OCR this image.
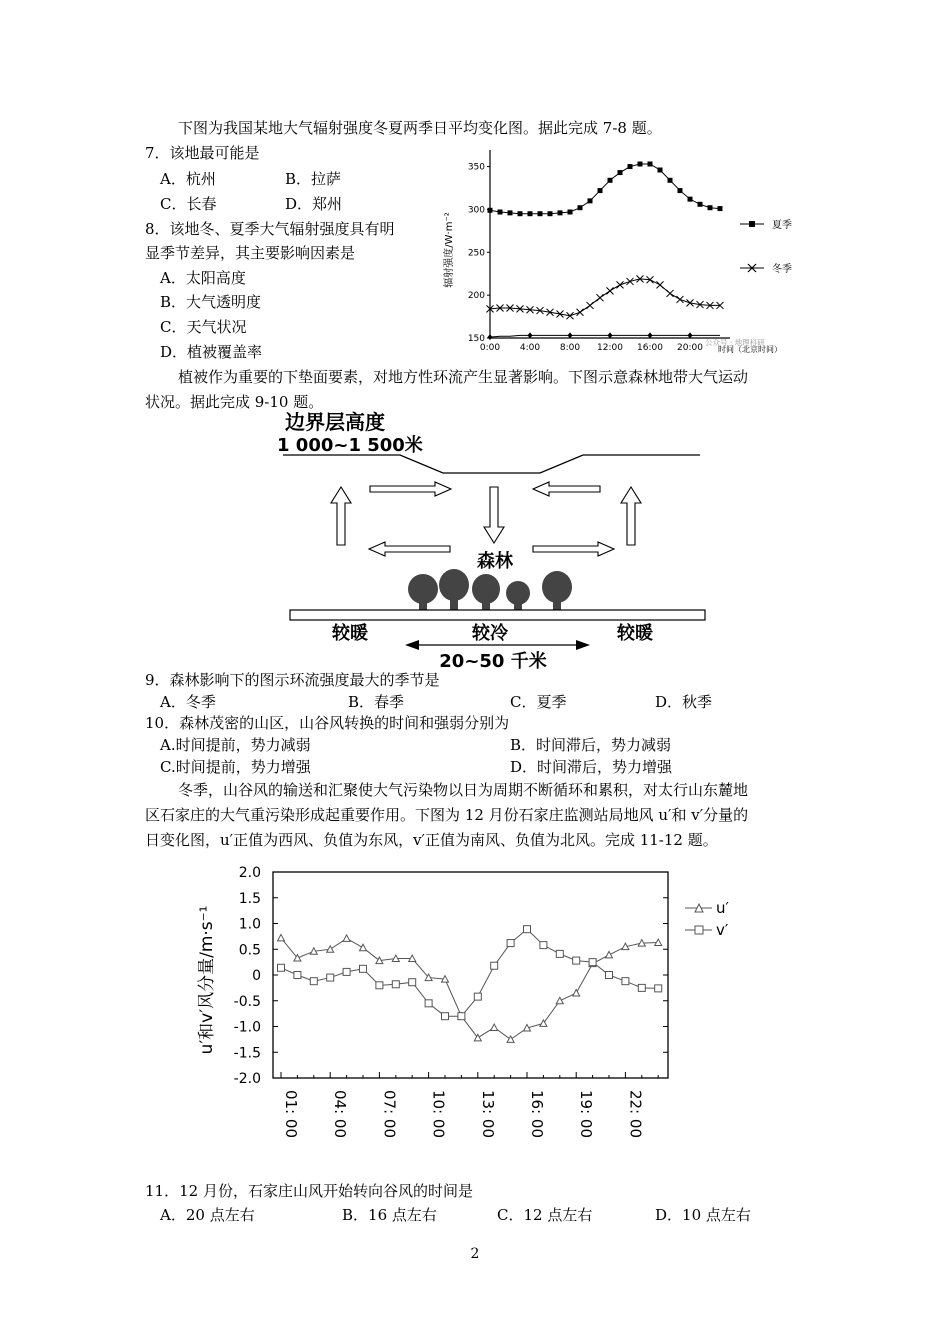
下图为我国某地大气辐射强度冬夏两季日平均变化图。据此完成 7-8 题。
7．该地最可能是
A．杭州	B．拉萨
C．长春	D．郑州
8．该地冬、夏季大气辐射强度具有明
显季节差异，其主要影响因素是
A．太阳高度
B．大气透明度
C．天气状况
D．植被覆盖率
150
200
250
300
350
0:00 4:00 8:00 12:00 16:00 20:00
辐射强度/W·m⁻²
时间（北京时间）
公众号 · 地理科研
夏季
冬季
植被作为重要的下垫面要素，对地方性环流产生显著影响。下图示意森林地带大气运动
状况。据此完成 9-10 题。
边界层高度
1 000~1 500米
森林
较暖	较冷	较暖
20~50 千米
9．森林影响下的图示环流强度最大的季节是
A．冬季	B．春季	C．夏季	D．秋季
10．森林茂密的山区，山谷风转换的时间和强弱分别为
A.时间提前，势力减弱	B．时间滞后，势力减弱
C.时间提前，势力增强	D．时间滞后，势力增强
冬季，山谷风的输送和汇聚使大气污染物以日为周期不断循环和累积，对太行山东麓地
区石家庄的大气重污染形成起重要作用。下图为 12 月份石家庄监测站局地风 u′和 v′分量的
日变化图，u′正值为西风、负值为东风，v′正值为南风、负值为北风。完成 11-12 题。
2.0
1.5
1.0
0.5
0
-0.5
-1.0
-1.5
-2.0
01: 00 04: 00 07: 00 10: 00 13: 00 16: 00 19: 00 22: 00
u′和v′风分量/m·s⁻¹	u′
v′
11．12 月份，石家庄山风开始转向谷风的时间是
A．20 点左右	B．16 点左右	C．12 点左右	D．10 点左右
2
